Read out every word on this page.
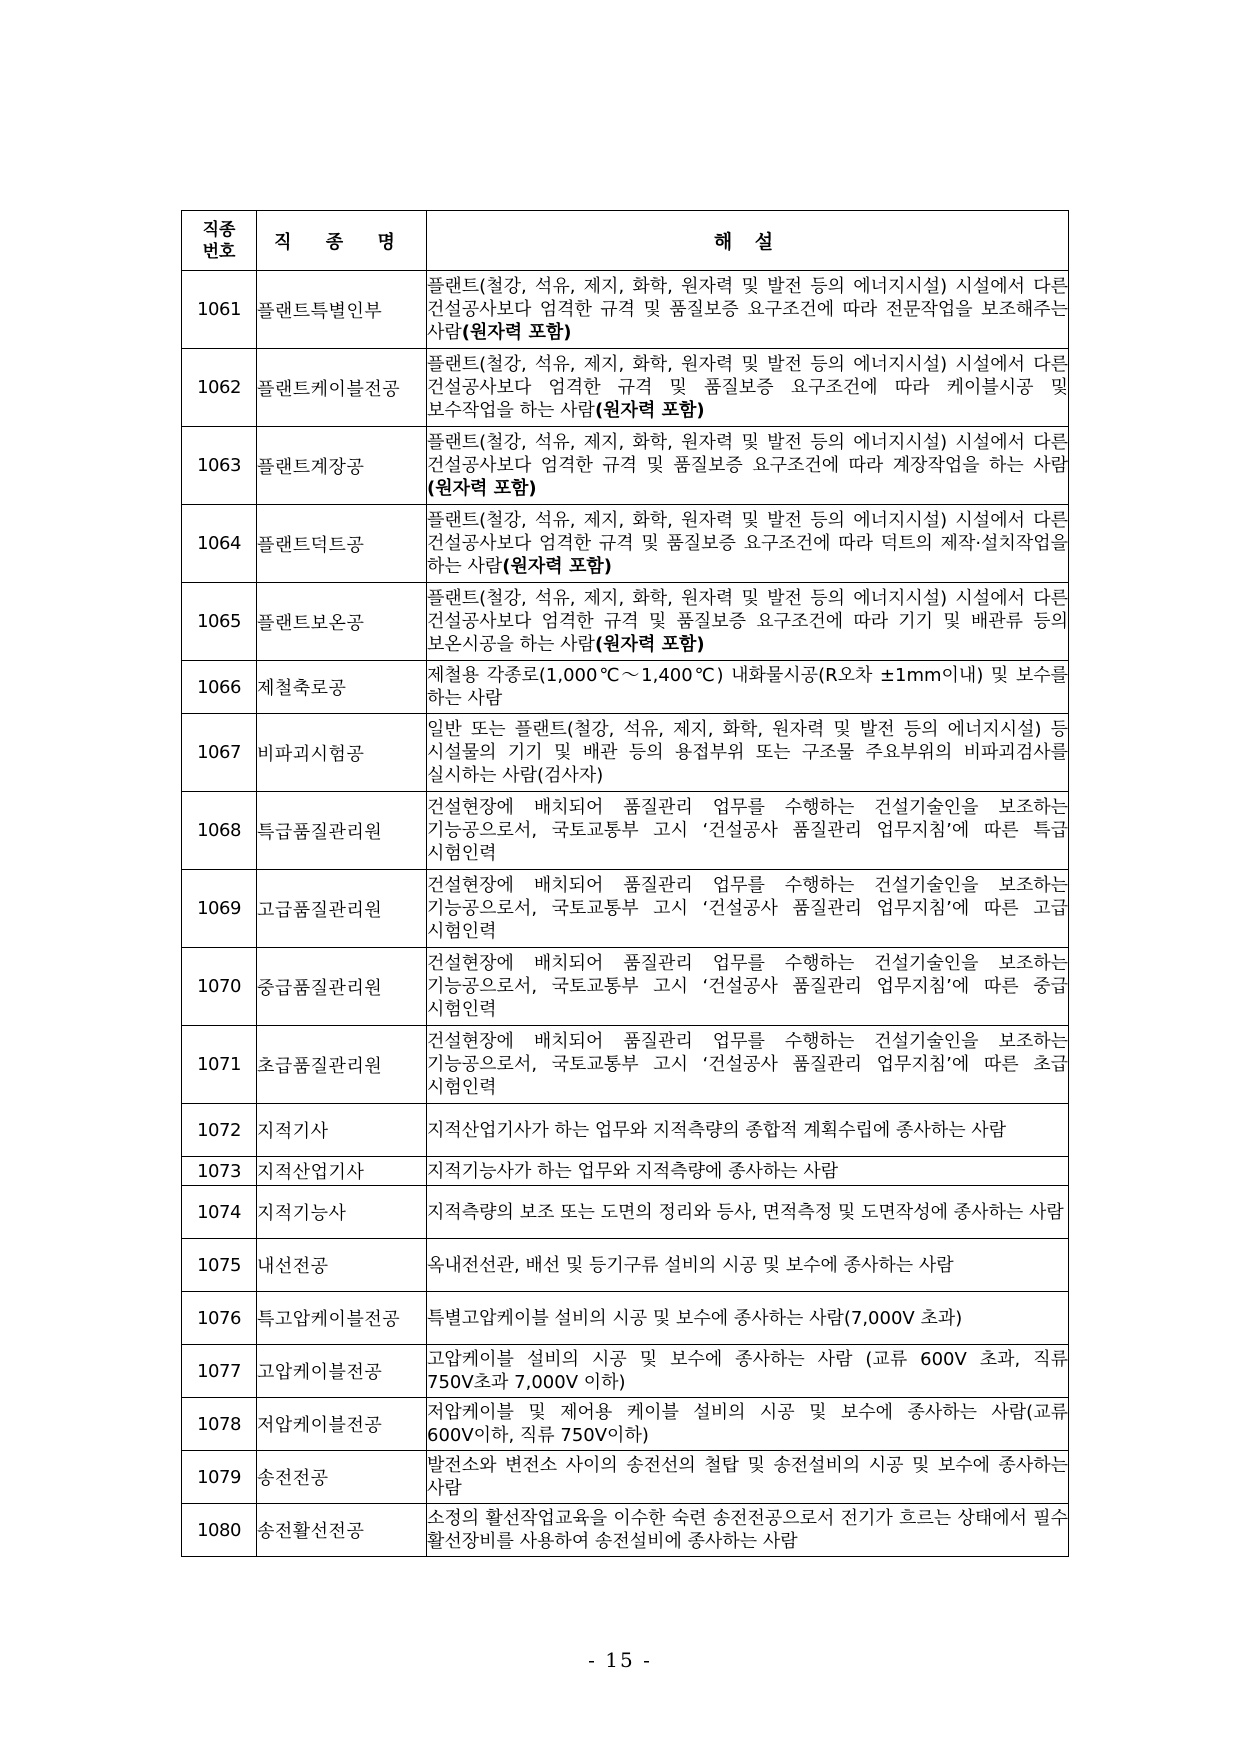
직종
번호	직 종 명	해 설
1061	플랜트특별인부	플랜트(철강, 석유, 제지, 화학, 원자력 및 발전 등의 에너지시설) 시설에서 다른 건설공사보다 엄격한 규격 및 품질보증 요구조건에 따라 전문작업을 보조해주는 사람(원자력 포함)
1062	플랜트케이블전공	플랜트(철강, 석유, 제지, 화학, 원자력 및 발전 등의 에너지시설) 시설에서 다른 건설공사보다 엄격한 규격 및 품질보증 요구조건에 따라 케이블시공 및 보수작업을 하는 사람(원자력 포함)
1063	플랜트계장공	플랜트(철강, 석유, 제지, 화학, 원자력 및 발전 등의 에너지시설) 시설에서 다른 건설공사보다 엄격한 규격 및 품질보증 요구조건에 따라 계장작업을 하는 사람(원자력 포함)
1064	플랜트덕트공	플랜트(철강, 석유, 제지, 화학, 원자력 및 발전 등의 에너지시설) 시설에서 다른 건설공사보다 엄격한 규격 및 품질보증 요구조건에 따라 덕트의 제작·설치작업을 하는 사람(원자력 포함)
1065	플랜트보온공	플랜트(철강, 석유, 제지, 화학, 원자력 및 발전 등의 에너지시설) 시설에서 다른 건설공사보다 엄격한 규격 및 품질보증 요구조건에 따라 기기 및 배관류 등의 보온시공을 하는 사람(원자력 포함)
1066	제철축로공	제철용 각종로(1,000℃～1,400℃) 내화물시공(R오차 ±1mm이내) 및 보수를 하는 사람
1067	비파괴시험공	일반 또는 플랜트(철강, 석유, 제지, 화학, 원자력 및 발전 등의 에너지시설) 등 시설물의 기기 및 배관 등의 용접부위 또는 구조물 주요부위의 비파괴검사를 실시하는 사람(검사자)
1068	특급품질관리원	건설현장에 배치되어 품질관리 업무를 수행하는 건설기술인을 보조하는 기능공으로서, 국토교통부 고시 ‘건설공사 품질관리 업무지침’에 따른 특급 시험인력
1069	고급품질관리원	건설현장에 배치되어 품질관리 업무를 수행하는 건설기술인을 보조하는 기능공으로서, 국토교통부 고시 ‘건설공사 품질관리 업무지침’에 따른 고급 시험인력
1070	중급품질관리원	건설현장에 배치되어 품질관리 업무를 수행하는 건설기술인을 보조하는 기능공으로서, 국토교통부 고시 ‘건설공사 품질관리 업무지침’에 따른 중급 시험인력
1071	초급품질관리원	건설현장에 배치되어 품질관리 업무를 수행하는 건설기술인을 보조하는 기능공으로서, 국토교통부 고시 ‘건설공사 품질관리 업무지침’에 따른 초급 시험인력
1072	지적기사	지적산업기사가 하는 업무와 지적측량의 종합적 계획수립에 종사하는 사람
1073	지적산업기사	지적기능사가 하는 업무와 지적측량에 종사하는 사람
1074	지적기능사	지적측량의 보조 또는 도면의 정리와 등사, 면적측정 및 도면작성에 종사하는 사람
1075	내선전공	옥내전선관, 배선 및 등기구류 설비의 시공 및 보수에 종사하는 사람
1076	특고압케이블전공	특별고압케이블 설비의 시공 및 보수에 종사하는 사람(7,000V 초과)
1077	고압케이블전공	고압케이블 설비의 시공 및 보수에 종사하는 사람 (교류 600V 초과, 직류 750V초과 7,000V 이하)
1078	저압케이블전공	저압케이블 및 제어용 케이블 설비의 시공 및 보수에 종사하는 사람(교류 600V이하, 직류 750V이하)
1079	송전전공	발전소와 변전소 사이의 송전선의 철탑 및 송전설비의 시공 및 보수에 종사하는 사람
1080	송전활선전공	소정의 활선작업교육을 이수한 숙련 송전전공으로서 전기가 흐르는 상태에서 필수 활선장비를 사용하여 송전설비에 종사하는 사람
- 15 -
